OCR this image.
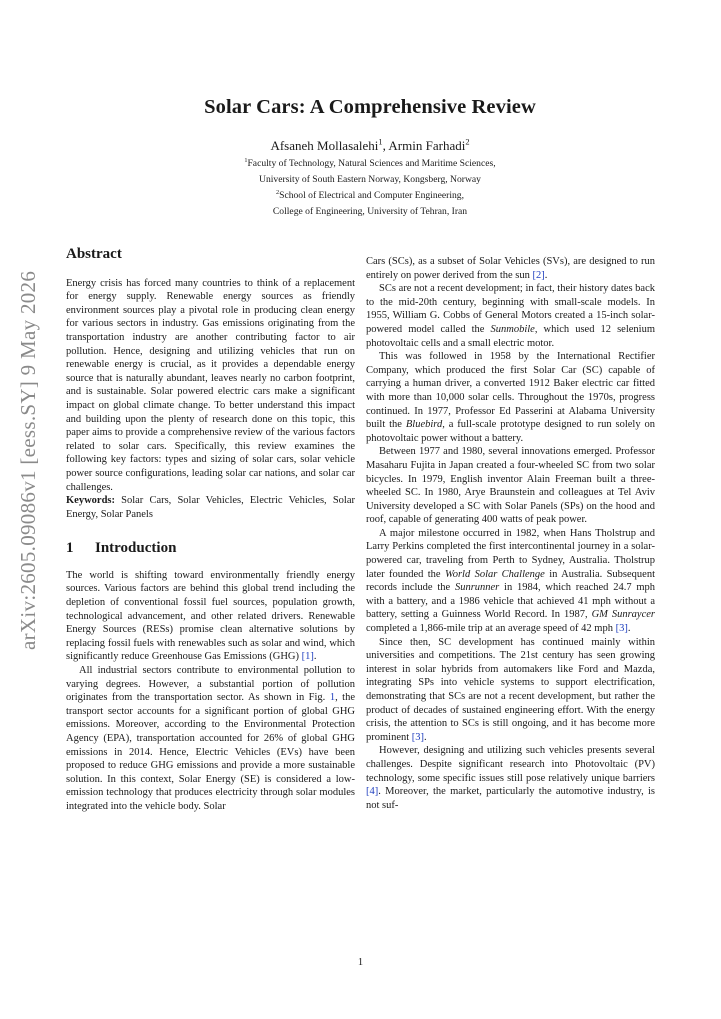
arXiv:2605.09086v1 [eess.SY] 9 May 2026
Solar Cars: A Comprehensive Review
Afsaneh Mollasalehi$^1$, Armin Farhadi$^2$
$^1$Faculty of Technology, Natural Sciences and Maritime Sciences,
University of South Eastern Norway, Kongsberg, Norway
$^2$School of Electrical and Computer Engineering,
College of Engineering, University of Tehran, Iran
Abstract

Energy crisis has forced many countries to think of a replacement for energy supply. Renewable energy sources as friendly environment sources play a pivotal role in producing clean energy for various sectors in industry. Gas emissions originating from the transportation industry are another contributing factor to air pollution. Hence, designing and utilizing vehicles that run on renewable energy is crucial, as it provides a dependable energy source that is naturally abundant, leaves nearly no carbon footprint, and is sustainable. Solar powered electric cars make a significant impact on global climate change. To better understand this impact and building upon the plenty of research done on this topic, this paper aims to provide a comprehensive review of the various factors related to solar cars. Specifically, this review examines the following key factors: types and sizing of solar cars, solar vehicle power source configurations, leading solar car nations, and solar car challenges.

Keywords: Solar Cars, Solar Vehicles, Electric Vehicles, Solar Energy, Solar Panels

1 Introduction

The world is shifting toward environmentally friendly energy sources. Various factors are behind this global trend including the depletion of conventional fossil fuel sources, population growth, technological advancement, and other related drivers. Renewable Energy Sources (RESs) promise clean alternative solutions by replacing fossil fuels with renewables such as solar and wind, which significantly reduce Greenhouse Gas Emissions (GHG) [1].

All industrial sectors contribute to environmental pollution to varying degrees. However, a substantial portion of pollution originates from the transportation sector. As shown in Fig. 1, the transport sector accounts for a significant portion of global GHG emissions. Moreover, according to the Environmental Protection Agency (EPA), transportation accounted for 26% of global GHG emissions in 2014. Hence, Electric Vehicles (EVs) have been proposed to reduce GHG emissions and provide a more sustainable solution. In this context, Solar Energy (SE) is considered a low-emission technology that produces electricity through solar modules integrated into the vehicle body. Solar

Cars (SCs), as a subset of Solar Vehicles (SVs), are designed to run entirely on power derived from the sun [2].

SCs are not a recent development; in fact, their history dates back to the mid-20th century, beginning with small-scale models. In 1955, William G. Cobbs of General Motors created a 15-inch solar-powered model called the Sunmobile, which used 12 selenium photovoltaic cells and a small electric motor.

This was followed in 1958 by the International Rectifier Company, which produced the first Solar Car (SC) capable of carrying a human driver, a converted 1912 Baker electric car fitted with more than 10,000 solar cells. Throughout the 1970s, progress continued. In 1977, Professor Ed Passerini at Alabama University built the Bluebird, a full-scale prototype designed to run solely on photovoltaic power without a battery.

Between 1977 and 1980, several innovations emerged. Professor Masaharu Fujita in Japan created a four-wheeled SC from two solar bicycles. In 1979, English inventor Alain Freeman built a three-wheeled SC. In 1980, Arye Braunstein and colleagues at Tel Aviv University developed a SC with Solar Panels (SPs) on the hood and roof, capable of generating 400 watts of peak power.

A major milestone occurred in 1982, when Hans Tholstrup and Larry Perkins completed the first intercontinental journey in a solar-powered car, traveling from Perth to Sydney, Australia. Tholstrup later founded the World Solar Challenge in Australia. Subsequent records include the Sunrunner in 1984, which reached 24.7 mph with a battery, and a 1986 vehicle that achieved 41 mph without a battery, setting a Guinness World Record. In 1987, GM Sunraycer completed a 1,866-mile trip at an average speed of 42 mph [3].

Since then, SC development has continued mainly within universities and competitions. The 21st century has seen growing interest in solar hybrids from automakers like Ford and Mazda, integrating SPs into vehicle systems to support electrification, demonstrating that SCs are not a recent development, but rather the product of decades of sustained engineering effort. With the energy crisis, the attention to SCs is still ongoing, and it has become more prominent [3].

However, designing and utilizing such vehicles presents several challenges. Despite significant research into Photovoltaic (PV) technology, some specific issues still pose relatively unique barriers [4]. Moreover, the market, particularly the automotive industry, is not suf-

1
